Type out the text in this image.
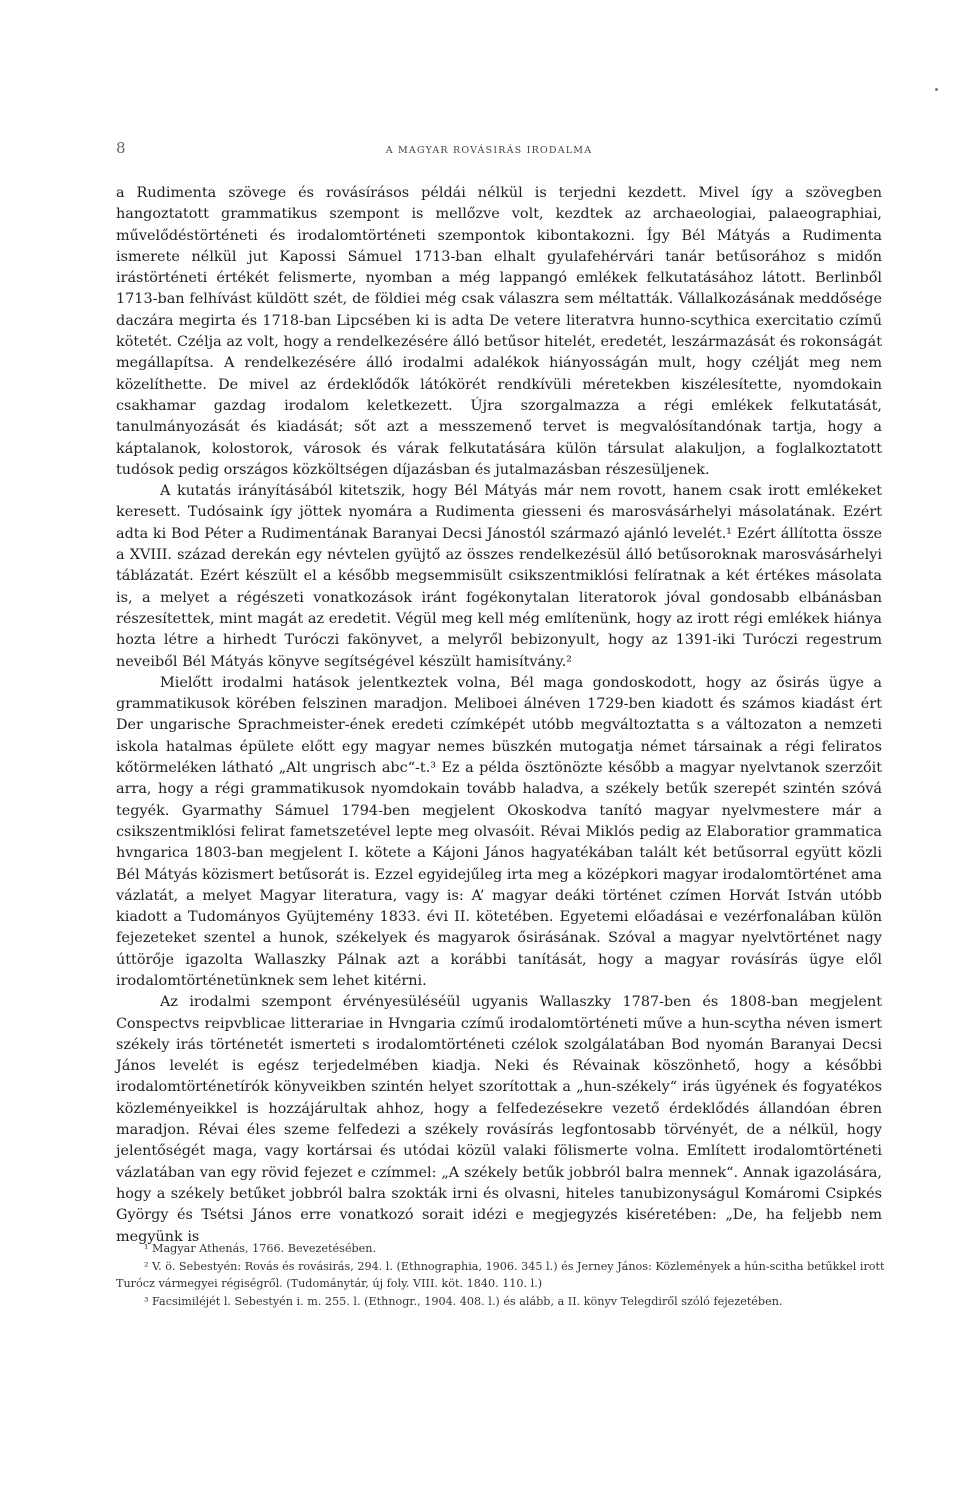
8	A MAGYAR ROVÁSIRÁS IRODALMA

a Rudimenta szövege és rovásírásos példái nélkül is terjedni kezdett. Mivel így a szövegben hangoztatott grammatikus szempont is mellőzve volt, kezdtek az archaeologiai, palaeographiai, művelődéstörténeti és irodalomtörténeti szempontok kibontakozni. Így Bél Mátyás a Rudimenta ismerete nélkül jut Kapossi Sámuel 1713-ban elhalt gyulafehérvári tanár betűsorához s midőn irástörténeti értékét felismerte, nyomban a még lappangó emlékek felkutatásához látott. Berlinből 1713-ban felhívást küldött szét, de földiei még csak válaszra sem méltatták. Vállalkozásának meddősége daczára megirta és 1718-ban Lipcsében ki is adta De vetere literatvra hunno-scythica exercitatio czímű kötetét. Czélja az volt, hogy a rendelkezésére álló betűsor hitelét, eredetét, leszármazását és rokonságát megállapítsa. A rendelkezésére álló irodalmi adalékok hiányosságán mult, hogy czélját meg nem közelíthette. De mivel az érdeklődők látókörét rendkívüli méretekben kiszélesítette, nyomdokain csakhamar gazdag irodalom keletkezett. Újra szorgalmazza a régi emlékek felkutatását, tanulmányozását és kiadását; sőt azt a messzemenő tervet is megvalósítandónak tartja, hogy a káptalanok, kolostorok, városok és várak felkutatására külön társulat alakuljon, a foglalkoztatott tudósok pedig országos közköltségen díjazásban és jutalmazásban részesüljenek.

A kutatás irányításából kitetszik, hogy Bél Mátyás már nem rovott, hanem csak irott emlékeket keresett. Tudósaink így jöttek nyomára a Rudimenta giesseni és marosvásárhelyi másolatának. Ezért adta ki Bod Péter a Rudimentának Baranyai Decsi Jánostól származó ajánló levelét.¹ Ezért állította össze a XVIII. század derekán egy névtelen gyüjtő az összes rendelkezésül álló betűsoroknak marosvásárhelyi táblázatát. Ezért készült el a később megsemmisült csikszentmiklósi felíratnak a két értékes másolata is, a melyet a régészeti vonatkozások iránt fogékonytalan literatorok jóval gondosabb elbánásban részesítettek, mint magát az eredetit. Végül meg kell még említenünk, hogy az irott régi emlékek hiánya hozta létre a hirhedt Turóczi fakönyvet, a melyről bebizonyult, hogy az 1391-iki Turóczi regestrum neveiből Bél Mátyás könyve segítségével készült hamisítvány.²

Mielőtt irodalmi hatások jelentkeztek volna, Bél maga gondoskodott, hogy az ősirás ügye a grammatikusok körében felszinen maradjon. Meliboei álnéven 1729-ben kiadott és számos kiadást ért Der ungarische Sprachmeister-ének eredeti czímképét utóbb megváltoztatta s a változaton a nemzeti iskola hatalmas épülete előtt egy magyar nemes büszkén mutogatja német társainak a régi feliratos kőtörmeléken látható „Alt ungrisch abc“-t.³ Ez a példa ösztönözte később a magyar nyelvtanok szerzőit arra, hogy a régi grammatikusok nyomdokain tovább haladva, a székely betűk szerepét szintén szóvá tegyék. Gyarmathy Sámuel 1794-ben megjelent Okoskodva tanító magyar nyelvmestere már a csikszentmiklósi felirat fametszetével lepte meg olvasóit. Révai Miklós pedig az Elaboratior grammatica hvngarica 1803-ban megjelent I. kötete a Kájoni János hagyatékában talált két betűsorral együtt közli Bél Mátyás közismert betűsorát is. Ezzel egyidejűleg irta meg a középkori magyar irodalomtörténet ama vázlatát, a melyet Magyar literatura, vagy is: A’ magyar deáki történet czímen Horvát István utóbb kiadott a Tudományos Gyüjtemény 1833. évi II. kötetében. Egyetemi előadásai e vezérfonalában külön fejezeteket szentel a hunok, székelyek és magyarok ősirásának. Szóval a magyar nyelvtörténet nagy úttörője igazolta Wallaszky Pálnak azt a korábbi tanítását, hogy a magyar rovásírás ügye elől irodalomtörténetünknek sem lehet kitérni.

Az irodalmi szempont érvényesüléséül ugyanis Wallaszky 1787-ben és 1808-ban megjelent Conspectvs reipvblicae litterariae in Hvngaria czímű irodalomtörténeti műve a hun-scytha néven ismert székely irás történetét ismerteti s irodalomtörténeti czélok szolgálatában Bod nyomán Baranyai Decsi János levelét is egész terjedelmében kiadja. Neki és Révainak köszönhető, hogy a későbbi irodalomtörténetírók könyveikben szintén helyet szorítottak a „hun-székely“ irás ügyének és fogyatékos közleményeikkel is hozzájárultak ahhoz, hogy a felfedezésekre vezető érdeklődés állandóan ébren maradjon. Révai éles szeme felfedezi a székely rovásírás legfontosabb törvényét, de a nélkül, hogy jelentőségét maga, vagy kortársai és utódai közül valaki fölismerte volna. Említett irodalomtörténeti vázlatában van egy rövid fejezet e czímmel: „A székely betűk jobbról balra mennek“. Annak igazolására, hogy a székely betűket jobbról balra szokták irni és olvasni, hiteles tanubizonyságul Komáromi Csipkés György és Tsétsi János erre vonatkozó sorait idézi e megjegyzés kiséretében: „De, ha feljebb nem megyünk is

¹ Magyar Athenás, 1766. Bevezetésében.

² V. ö. Sebestyén: Rovás és rovásirás, 294. l. (Ethnographia, 1906. 345 l.) és Jerney János: Közlemények a hún-scitha betűkkel irott Turócz vármegyei régiségről. (Tudománytár, új foly. VIII. köt. 1840. 110. l.)

³ Facsimiléjét l. Sebestyén i. m. 255. l. (Ethnogr., 1904. 408. l.) és alább, a II. könyv Telegdiről szóló fejezetében.
